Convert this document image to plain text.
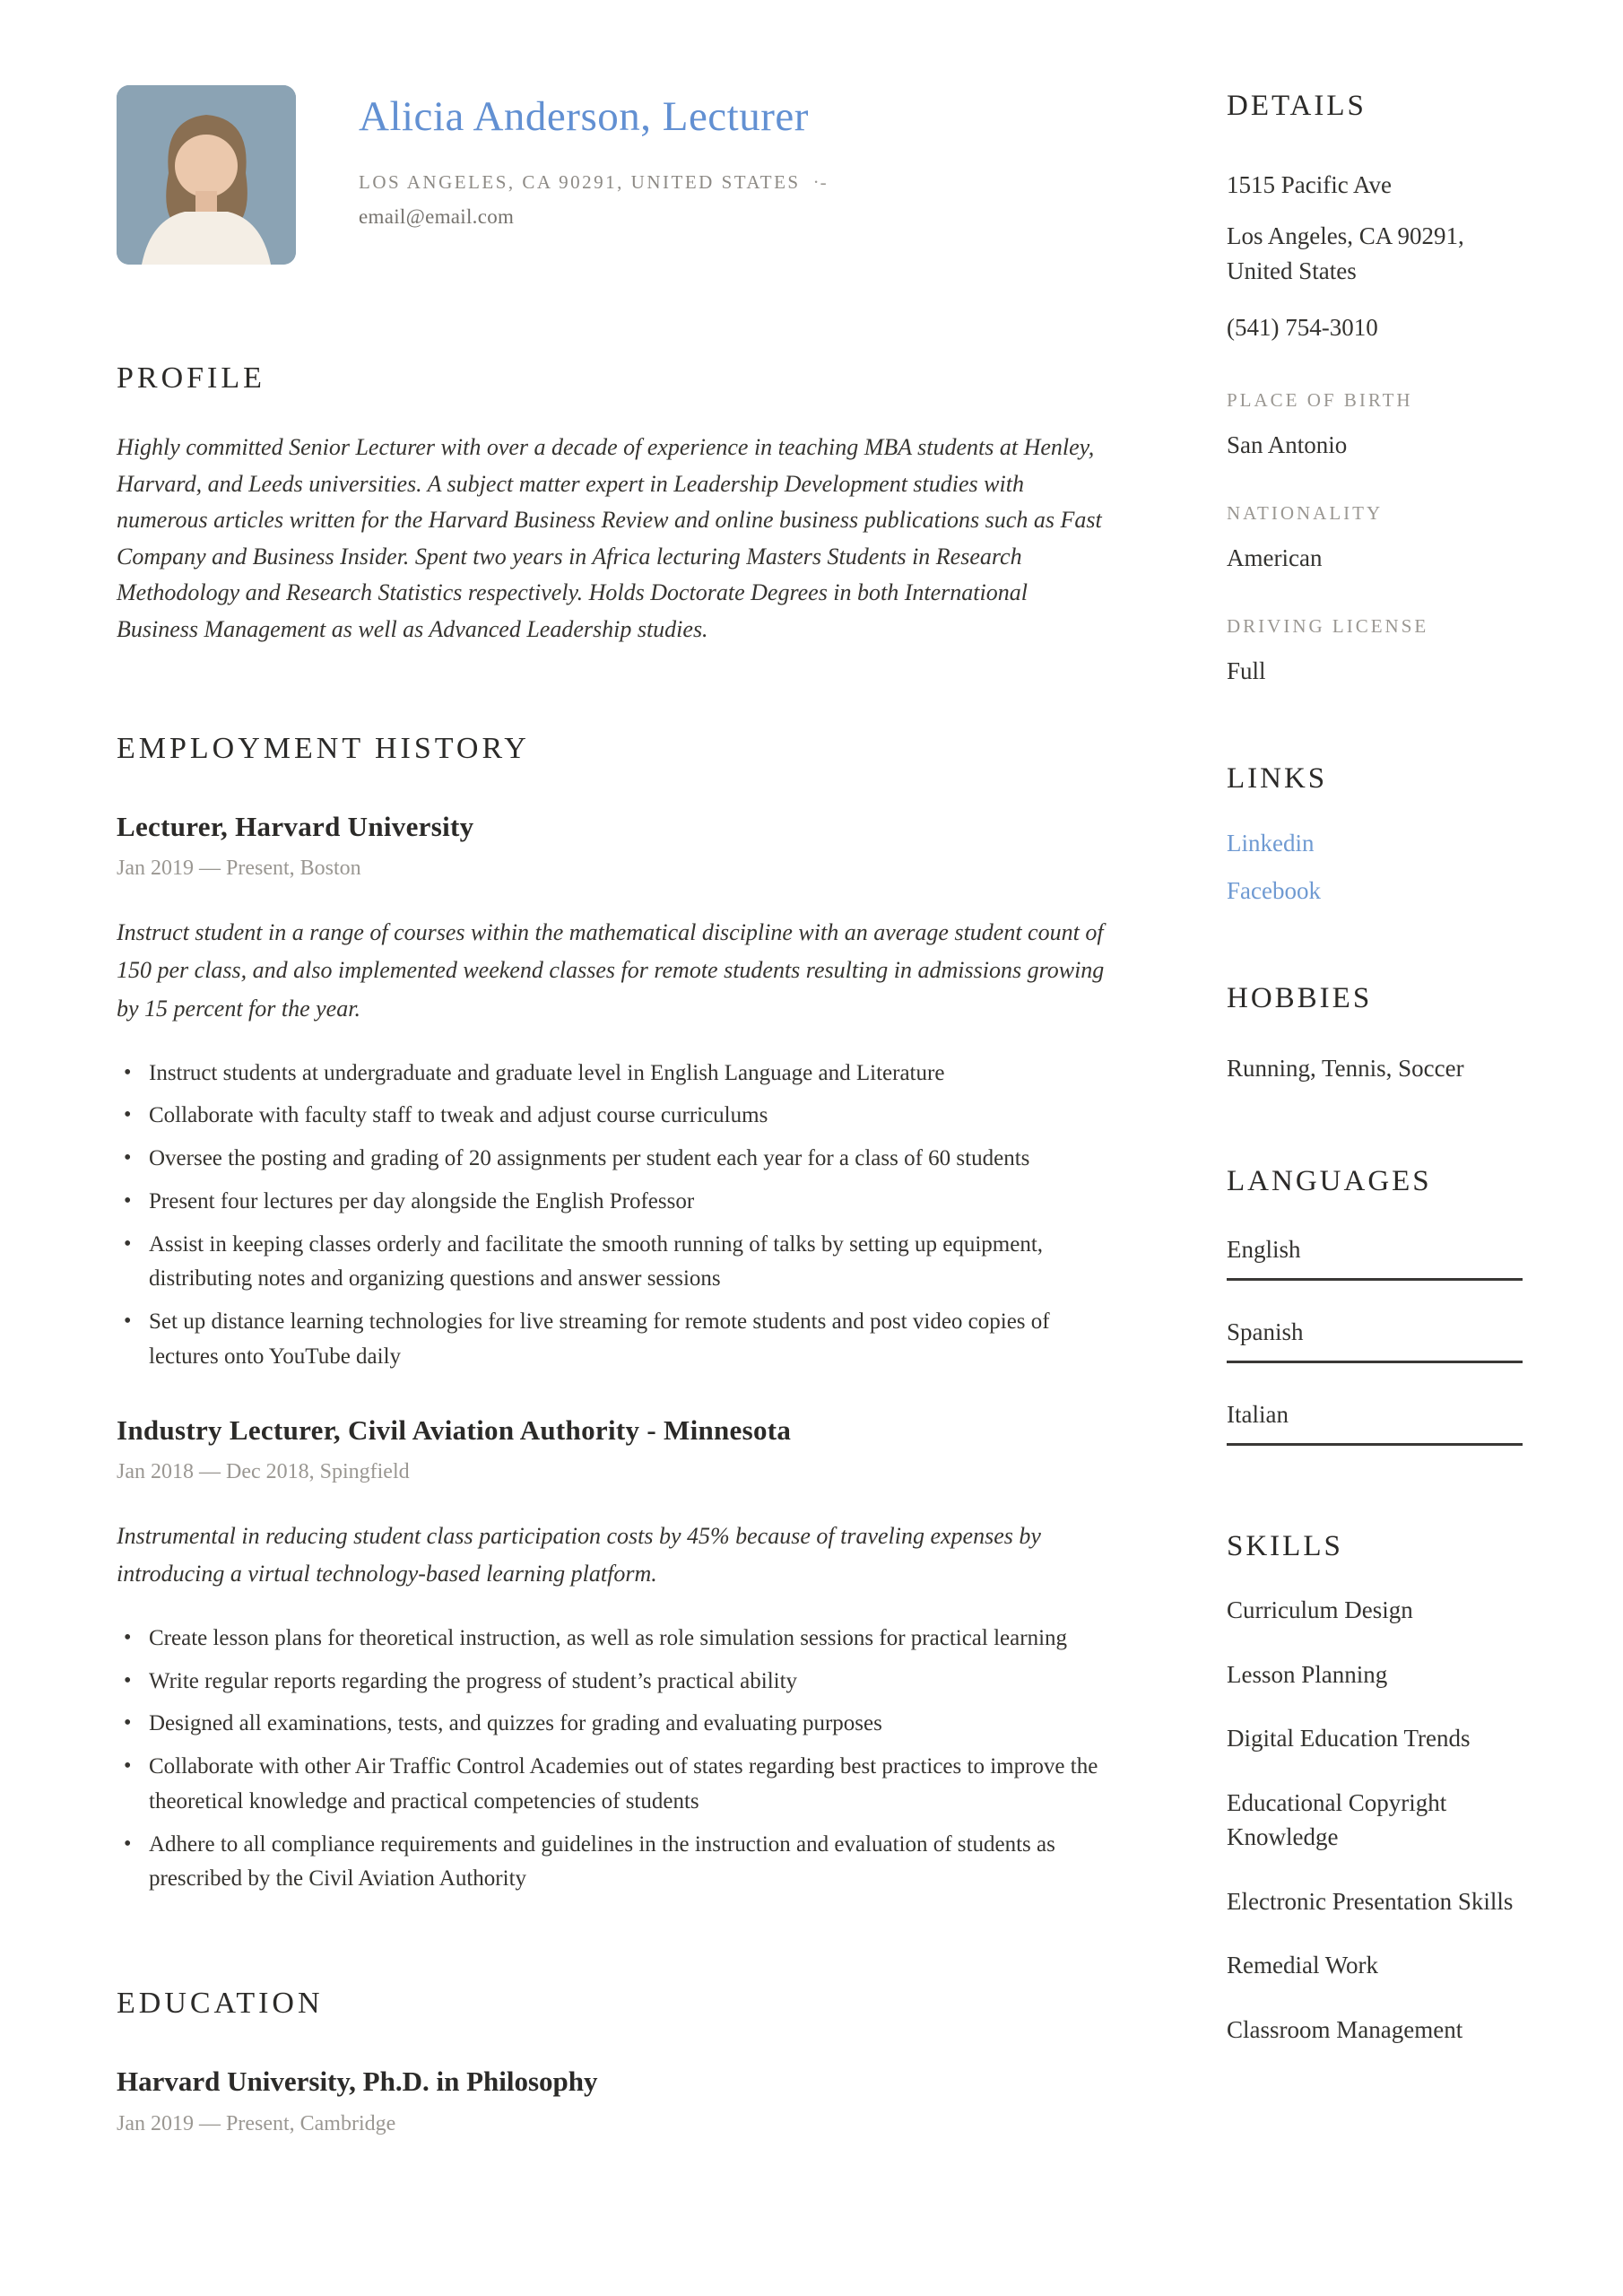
Alicia Anderson, Lecturer
LOS ANGELES, CA 90291, UNITED STATES ·-
email@email.com
PROFILE
Highly committed Senior Lecturer with over a decade of experience in teaching MBA students at Henley, Harvard, and Leeds universities. A subject matter expert in Leadership Development studies with numerous articles written for the Harvard Business Review and online business publications such as Fast Company and Business Insider. Spent two years in Africa lecturing Masters Students in Research Methodology and Research Statistics respectively. Holds Doctorate Degrees in both International Business Management as well as Advanced Leadership studies.
EMPLOYMENT HISTORY
Lecturer, Harvard University
Jan 2019 — Present, Boston
Instruct student in a range of courses within the mathematical discipline with an average student count of 150 per class, and also implemented weekend classes for remote students resulting in admissions growing by 15 percent for the year.
• Instruct students at undergraduate and graduate level in English Language and Literature
• Collaborate with faculty staff to tweak and adjust course curriculums
• Oversee the posting and grading of 20 assignments per student each year for a class of 60 students
• Present four lectures per day alongside the English Professor
• Assist in keeping classes orderly and facilitate the smooth running of talks by setting up equipment, distributing notes and organizing questions and answer sessions
• Set up distance learning technologies for live streaming for remote students and post video copies of lectures onto YouTube daily
Industry Lecturer, Civil Aviation Authority - Minnesota
Jan 2018 — Dec 2018, Spingfield
Instrumental in reducing student class participation costs by 45% because of traveling expenses by introducing a virtual technology-based learning platform.
• Create lesson plans for theoretical instruction, as well as role simulation sessions for practical learning
• Write regular reports regarding the progress of student’s practical ability
• Designed all examinations, tests, and quizzes for grading and evaluating purposes
• Collaborate with other Air Traffic Control Academies out of states regarding best practices to improve the theoretical knowledge and practical competencies of students
• Adhere to all compliance requirements and guidelines in the instruction and evaluation of students as prescribed by the Civil Aviation Authority
EDUCATION
Harvard University, Ph.D. in Philosophy
Jan 2019 — Present, Cambridge
DETAILS
1515 Pacific Ave
Los Angeles, CA 90291, United States
(541) 754-3010
PLACE OF BIRTH
San Antonio
NATIONALITY
American
DRIVING LICENSE
Full
LINKS
Linkedin
Facebook
HOBBIES
Running, Tennis, Soccer
LANGUAGES
English
Spanish
Italian
SKILLS
Curriculum Design
Lesson Planning
Digital Education Trends
Educational Copyright Knowledge
Electronic Presentation Skills
Remedial Work
Classroom Management
